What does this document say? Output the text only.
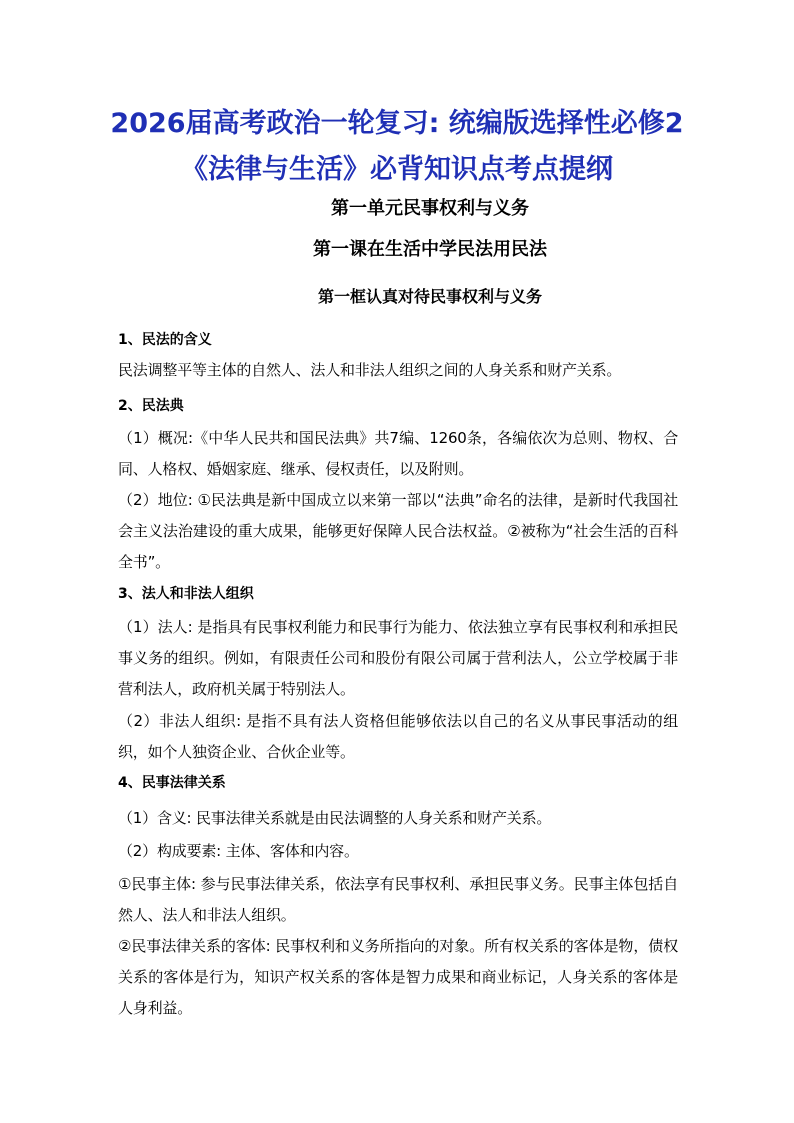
2026届高考政治一轮复习: 统编版选择性必修2
《法律与生活》必背知识点考点提纲
第一单元民事权利与义务
第一课在生活中学民法用民法
第一框认真对待民事权利与义务
1、民法的含义
民法调整平等主体的自然人、法人和非法人组织之间的人身关系和财产关系。
2、民法典
（1）概况:《中华人民共和国民法典》共7编、1260条，各编依次为总则、物权、合同、人格权、婚姻家庭、继承、侵权责任，以及附则。
（2）地位: ①民法典是新中国成立以来第一部以“法典”命名的法律，是新时代我国社会主义法治建设的重大成果，能够更好保障人民合法权益。②被称为“社会生活的百科全书”。
3、法人和非法人组织
（1）法人: 是指具有民事权利能力和民事行为能力、依法独立享有民事权利和承担民事义务的组织。例如，有限责任公司和股份有限公司属于营利法人，公立学校属于非营利法人，政府机关属于特别法人。
（2）非法人组织: 是指不具有法人资格但能够依法以自己的名义从事民事活动的组织，如个人独资企业、合伙企业等。
4、民事法律关系
（1）含义: 民事法律关系就是由民法调整的人身关系和财产关系。
（2）构成要素: 主体、客体和内容。
①民事主体: 参与民事法律关系，依法享有民事权利、承担民事义务。民事主体包括自然人、法人和非法人组织。
②民事法律关系的客体: 民事权利和义务所指向的对象。所有权关系的客体是物，债权关系的客体是行为，知识产权关系的客体是智力成果和商业标记，人身关系的客体是人身利益。
